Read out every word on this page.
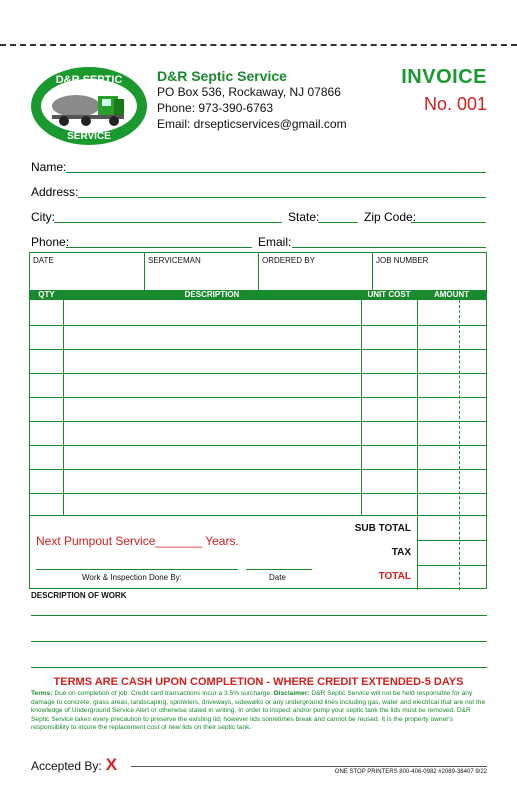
D&R SEPTIC
SERVICE
D&R Septic Service
PO Box 536, Rockaway, NJ 07866
Phone: 973-390-6763
Email: drsepticservices@gmail.com
INVOICE
No. 001
Name:
Address:
City:	State:	Zip Code:
Phone:	Email:
DATE	SERVICEMAN	ORDERED BY	JOB NUMBER
QTY	DESCRIPTION	UNIT COST	AMOUNT
Next Pumpout Service_______ Years.
SUB TOTAL
TAX
TOTAL
Work & Inspection Done By:	Date
DESCRIPTION OF WORK
TERMS ARE CASH UPON COMPLETION - WHERE CREDIT EXTENDED-5 DAYS
Terms: Due on completion of job. Credit card transactions incur a 3.5% surcharge. Disclaimer: D&R Septic Service will not be held responsible for any damage to concrete, grass areas, landscaping, sprinklers, driveways, sidewalks or any underground lines including gas, water and electrical that are not the knowledge of Underground Service Alert or otherwise stated in writing. In order to inspect and/or pump your septic tank the lids must be removed. D&R Septic Service takes every precaution to preserve the existing lid; however lids sometimes break and cannot be reused. It is the property owner's responsibility to incure the replacement cost of new lids on their septic tank.
Accepted By: X	ONE STOP PRINTERS 800-406-0982 #2089-38407 9/22
